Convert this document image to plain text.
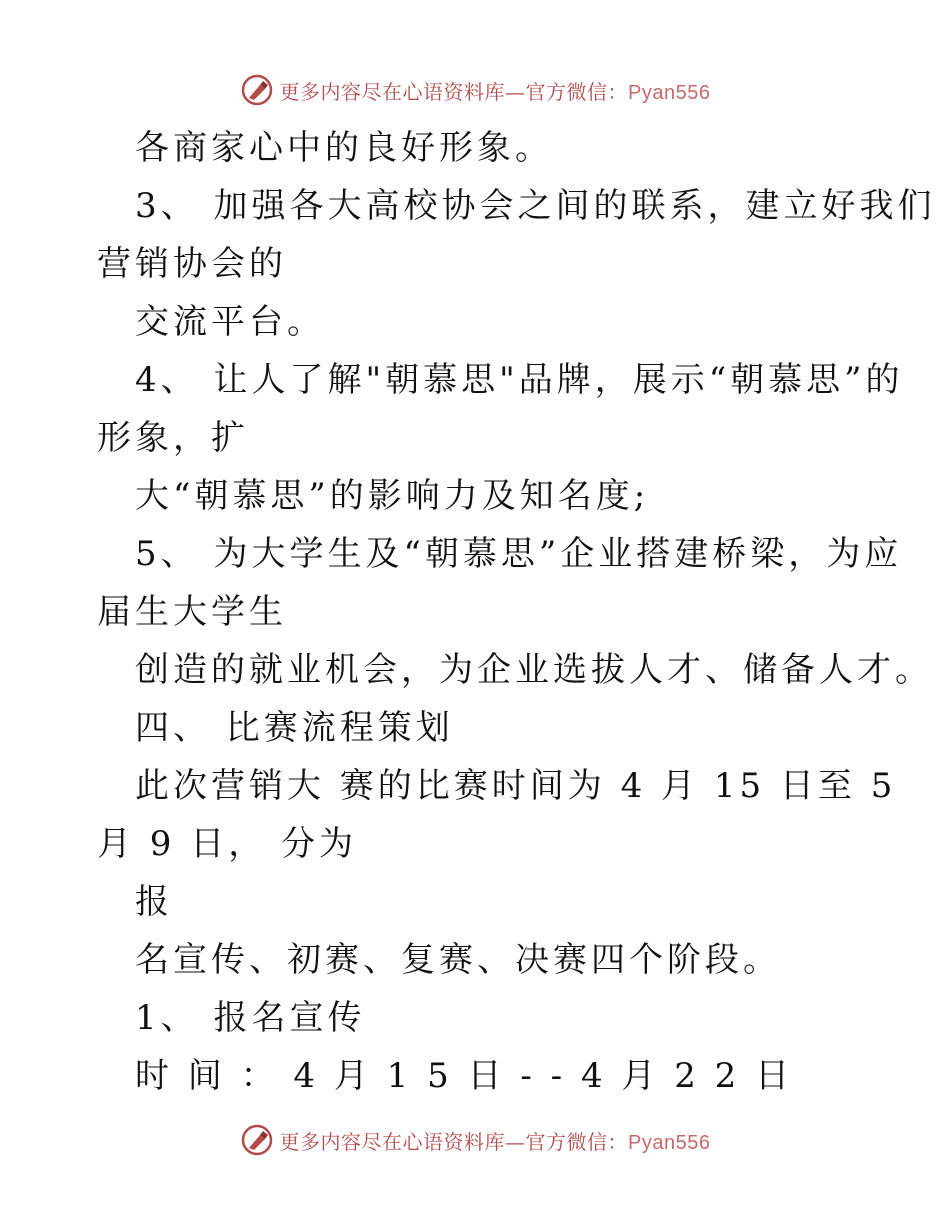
更多内容尽在心语资料库—官方微信：Pyan556
各商家心中的良好形象。
3、 加强各大高校协会之间的联系，建立好我们
营销协会的
交流平台。
4、 让人了解"朝慕思"品牌，展示“朝慕思”的
形象，扩
大“朝慕思”的影响力及知名度;
5、 为大学生及“朝慕思”企业搭建桥梁，为应
届生大学生
创造的就业机会，为企业选拔人才、储备人才。
四、 比赛流程策划
此次营销大 赛的比赛时间为 4 月 15 日至 5
月 9 日， 分为
报
名宣传、初赛、复赛、决赛四个阶段。
1、 报名宣传
时 间 ： 4 月 1 5 日 - - 4 月 2 2 日
更多内容尽在心语资料库—官方微信：Pyan556
